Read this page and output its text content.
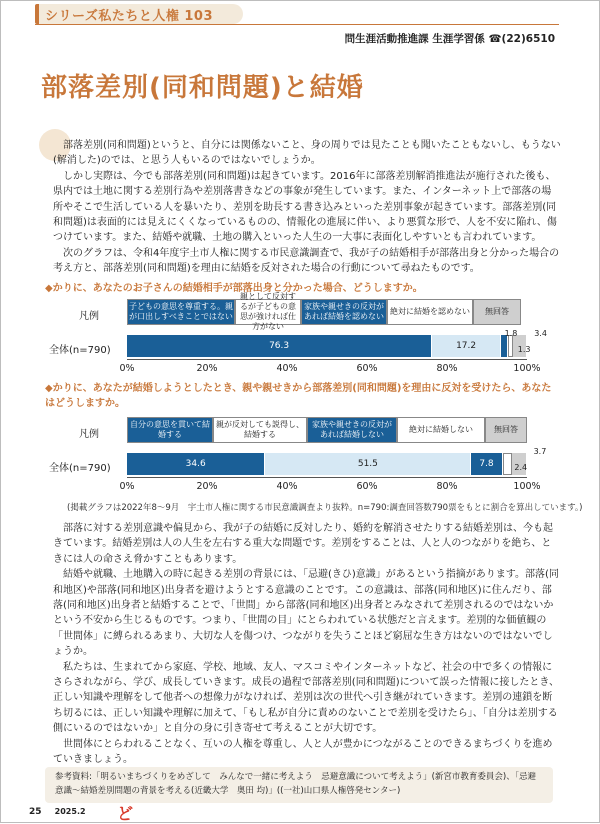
シリーズ私たちと人権 103
問生涯活動推進課 生涯学習係 ☎(22)6510
部落差別(同和問題)と結婚

部落差別(同和問題)というと、自分には関係ないこと、身の周りでは見たことも聞いたこともないし、もうない(解消した)のでは、と思う人もいるのではないでしょうか。

しかし実際は、今でも部落差別(同和問題)は起きています。2016年に部落差別解消推進法が施行された後も、県内では土地に関する差別行為や差別落書きなどの事象が発生しています。また、インターネット上で部落の場所やそこで生活している人を暴いたり、差別を助長する書き込みといった差別事象が起きています。部落差別(同和問題)は表面的には見えにくくなっているものの、情報化の進展に伴い、より悪質な形で、人を不安に陥れ、傷つけています。また、結婚や就職、土地の購入といった人生の一大事に表面化しやすいとも言われています。

次のグラフは、令和4年度宇土市人権に関する市民意識調査で、我が子の結婚相手が部落出身と分かった場合の考え方と、部落差別(同和問題)を理由に結婚を反対された場合の行動について尋ねたものです。

◆かりに、あなたのお子さんの結婚相手が部落出身と分かった場合、どうしますか。
凡例
子どもの意思を尊重する。親が口出しすべきことではない
親として反対するが子どもの意思が強ければ仕方がない
家族や親せきの反対があれば結婚を認めない
絶対に結婚を認めない	無回答
全体(n=790)	76.3	17.2
0%	20%	40%	60%	80%	100%
1.8
1.3
3.4
◆かりに、あなたが結婚しようとしたとき、親や親せきから部落差別(同和問題)を理由に反対を受けたら、あなたはどうしますか。
凡例
自分の意思を貫いて結婚する
親が反対しても説得し、結婚する
家族や親せきの反対があれば結婚しない
絶対に結婚しない	無回答
全体(n=790)	34.6	51.5	7.8
0%	20%	40%	60%	80%	100%
2.4
3.7
(掲載グラフは2022年8〜9月　宇土市人権に関する市民意識調査より抜粋。n=790:調査回答数790票をもとに割合を算出しています。)

部落に対する差別意識や偏見から、我が子の結婚に反対したり、婚約を解消させたりする結婚差別は、今も起きています。結婚差別は人の人生を左右する重大な問題です。差別をすることは、人と人のつながりを絶ち、ときには人の命さえ脅かすこともあります。

結婚や就職、土地購入の時に起きる差別の背景には、「忌避(きひ)意識」があるという指摘があります。部落(同和地区)や部落(同和地区)出身者を避けようとする意識のことです。この意識は、部落(同和地区)に住んだり、部落(同和地区)出身者と結婚することで、「世間」から部落(同和地区)出身者とみなされて差別されるのではないかという不安から生じるものです。つまり、「世間の目」にとらわれている状態だと言えます。差別的な価値観の「世間体」に縛られるあまり、大切な人を傷つけ、つながりを失うことほど窮屈な生き方はないのではないでしょうか。

私たちは、生まれてから家庭、学校、地域、友人、マスコミやインターネットなど、社会の中で多くの情報にさらされながら、学び、成長していきます。成長の過程で部落差別(同和問題)について誤った情報に接したとき、正しい知識や理解をして他者への想像力がなければ、差別は次の世代へ引き継がれていきます。差別の連鎖を断ち切るには、正しい知識や理解に加えて、「もし私が自分に責めのないことで差別を受けたら」、「自分は差別する側にいるのではないか」と自分の身に引き寄せて考えることが大切です。

世間体にとらわれることなく、互いの人権を尊重し、人と人が豊かにつながることのできるまちづくりを進めていきましょう。

参考資料:「明るいまちづくりをめざして　みんなで一緒に考えよう　忌避意識について考えよう」(新宮市教育委員会)、「忌避意識〜結婚差別問題の背景を考える(近畿大学　奥田 均)」((一社)山口県人権啓発センター)
25 2025.2 ど
